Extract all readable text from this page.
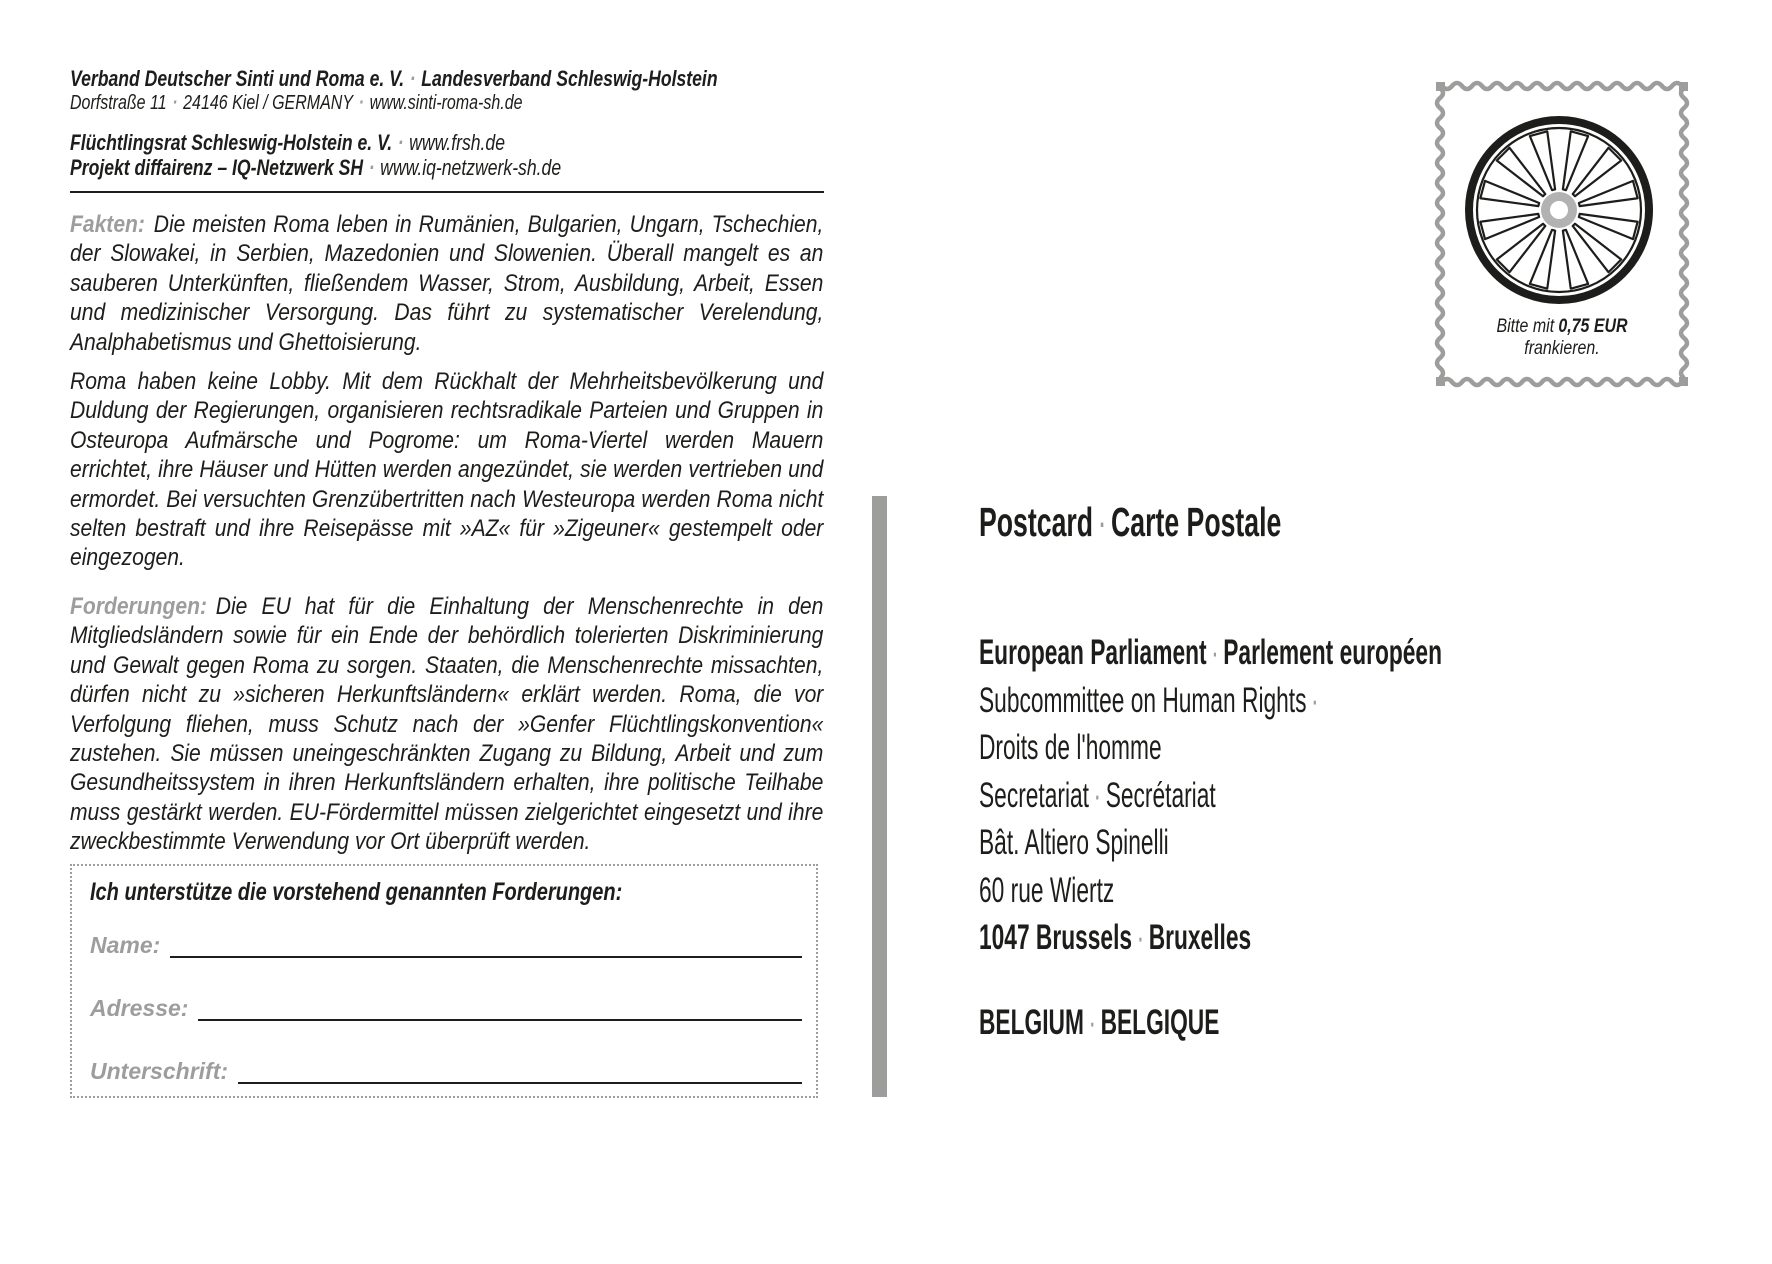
Verband Deutscher Sinti und Roma e. V. · Landesverband Schleswig-Holstein
Dorfstraße 11 · 24146 Kiel / GERMANY · www.sinti-roma-sh.de
Flüchtlingsrat Schleswig-Holstein e. V. · www.frsh.de
Projekt diffairenz – IQ-Netzwerk SH · www.iq-netzwerk-sh.de

Fakten: Die meisten Roma leben in Rumänien, Bulgarien, Ungarn, Tschechien, der Slowakei, in Serbien, Mazedonien und Slowenien. Überall mangelt es an sauberen Unterkünften, fließendem Wasser, Strom, Ausbildung, Arbeit, Essen und medizinischer Versorgung. Das führt zu systematischer Verelendung, Analphabetismus und Ghettoisierung.

Roma haben keine Lobby. Mit dem Rückhalt der Mehrheitsbevölkerung und Duldung der Regierungen, organisieren rechtsradikale Parteien und Gruppen in Osteuropa Aufmärsche und Pogrome: um Roma-Viertel werden Mauern errichtet, ihre Häuser und Hütten werden angezündet, sie werden vertrieben und ermordet. Bei versuchten Grenzübertritten nach Westeuropa werden Roma nicht selten bestraft und ihre Reisepässe mit »AZ« für »Zigeuner« gestempelt oder eingezogen.

Forderungen: Die EU hat für die Einhaltung der Menschenrechte in den Mitgliedsländern sowie für ein Ende der behördlich tolerierten Diskriminierung und Gewalt gegen Roma zu sorgen. Staaten, die Menschenrechte missachten, dürfen nicht zu »sicheren Herkunftsländern« erklärt werden. Roma, die vor Verfolgung fliehen, muss Schutz nach der »Genfer Flüchtlingskonvention« zustehen. Sie müssen uneingeschränkten Zugang zu Bildung, Arbeit und zum Gesundheitssystem in ihren Herkunftsländern erhalten, ihre politische Teilhabe muss gestärkt werden. EU-Fördermittel müssen zielgerichtet eingesetzt und ihre zweckbestimmte Verwendung vor Ort überprüft werden.

Ich unterstütze die vorstehend genannten Forderungen:
Name:
Adresse:
Unterschrift:
Bitte mit 0,75 EUR
frankieren.
Postcard · Carte Postale
European Parliament · Parlement européen
Subcommittee on Human Rights ·
Droits de l'homme
Secretariat · Secrétariat
Bât. Altiero Spinelli
60 rue Wiertz
1047 Brussels · Bruxelles
BELGIUM · BELGIQUE
